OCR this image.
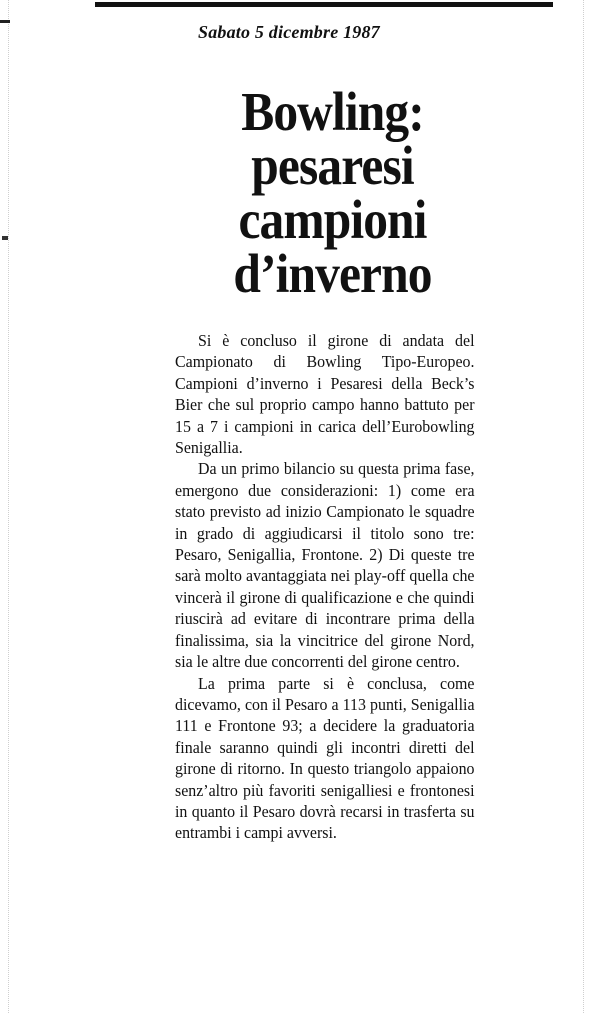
Sabato 5 dicembre 1987
Bowling:
pesaresi
campioni
d’inverno

Si è concluso il girone di andata del Campionato di Bowling Tipo-Europeo. Campioni d’inverno i Pesaresi della Beck’s Bier che sul proprio campo hanno battuto per 15 a 7 i campioni in carica dell’Eurobowling Senigallia.

Da un primo bilancio su questa prima fase, emergono due considerazioni: 1) come era stato previsto ad inizio Campionato le squadre in grado di aggiudicarsi il titolo sono tre: Pesaro, Senigallia, Frontone. 2) Di queste tre sarà molto avantaggiata nei play-off quella che vincerà il girone di qualificazione e che quindi riuscirà ad evitare di incontrare prima della finalissima, sia la vincitrice del girone Nord, sia le altre due concorrenti del girone centro.

La prima parte si è conclusa, come dicevamo, con il Pesaro a 113 punti, Senigallia 111 e Frontone 93; a decidere la graduatoria finale saranno quindi gli incontri diretti del girone di ritorno. In questo triangolo appaiono senz’altro più favoriti senigalliesi e frontonesi in quanto il Pesaro dovrà recarsi in trasferta su entrambi i campi avversi.
